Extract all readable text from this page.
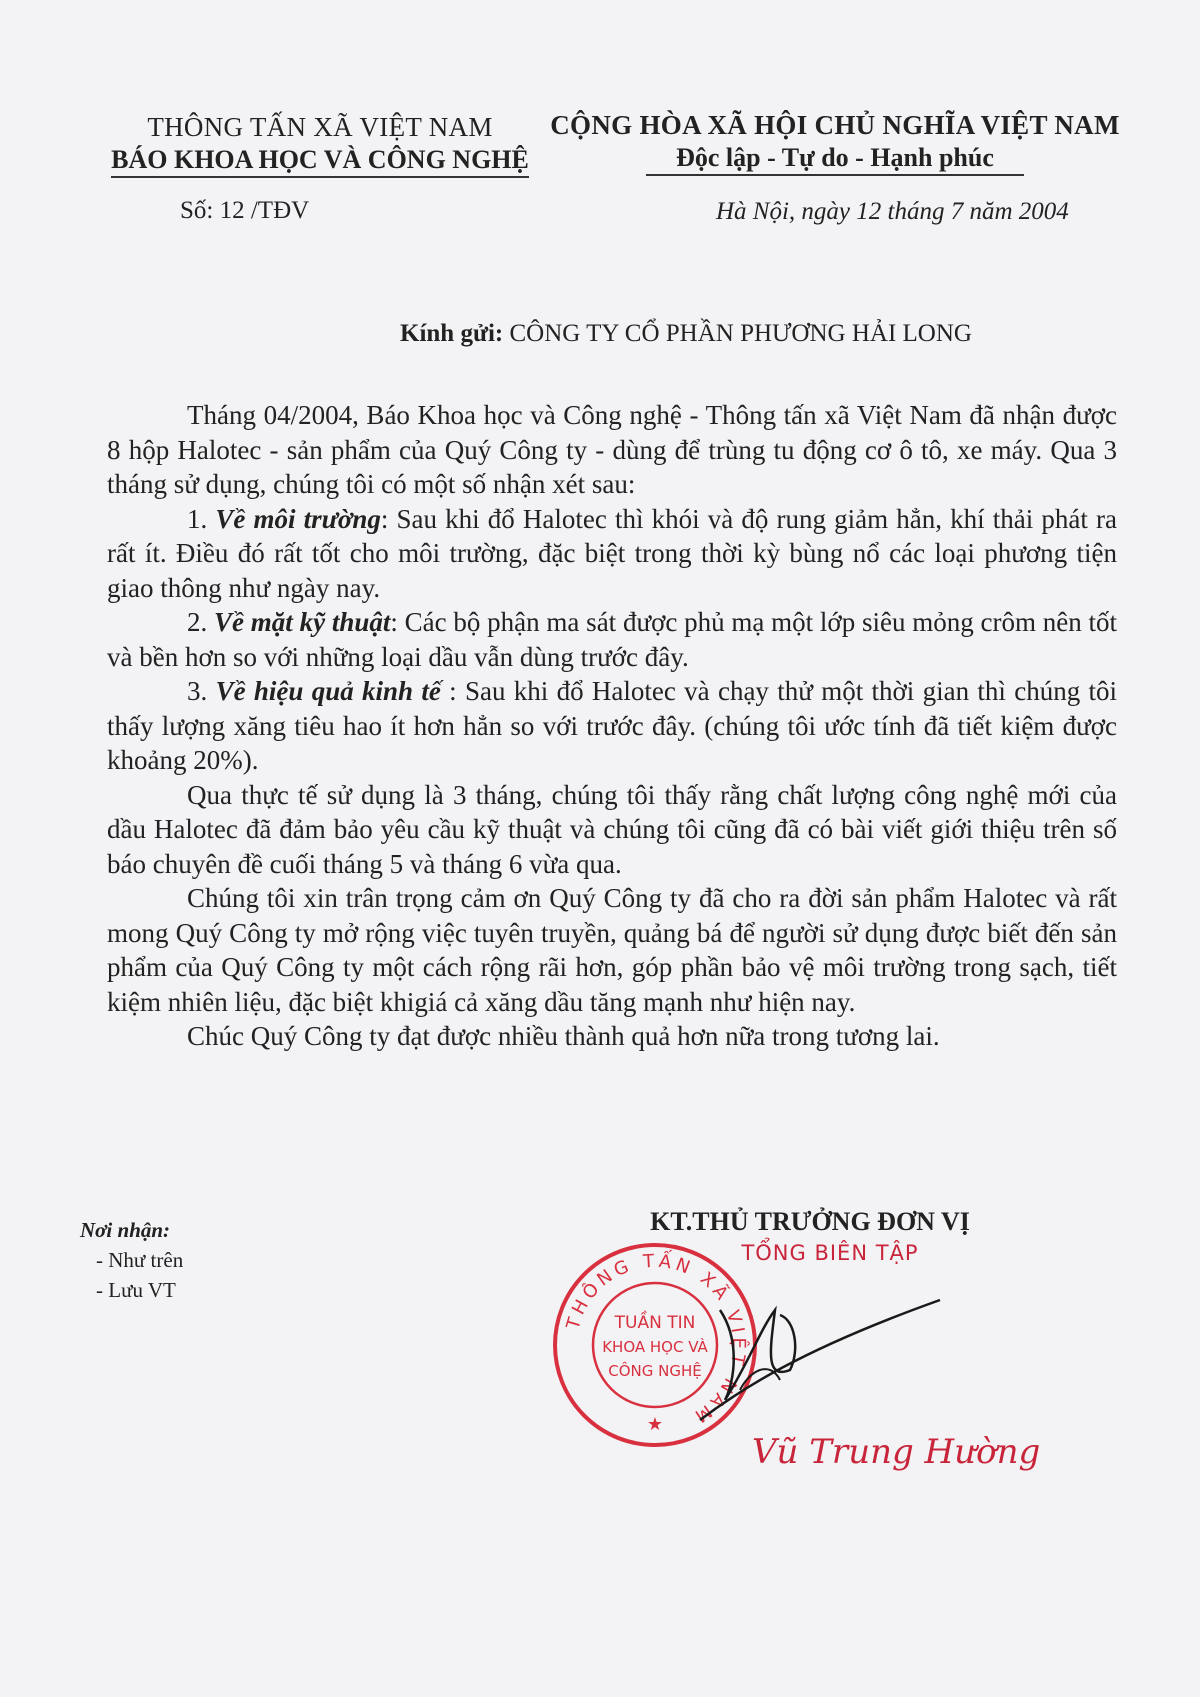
THÔNG TẤN XÃ VIỆT NAM
BÁO KHOA HỌC VÀ CÔNG NGHỆ
CỘNG HÒA XÃ HỘI CHỦ NGHĨA VIỆT NAM
Độc lập - Tự do - Hạnh phúc
Số: 12 /TĐV	Hà Nội, ngày 12 tháng 7 năm 2004
Kính gửi: CÔNG TY CỔ PHẦN PHƯƠNG HẢI LONG

Tháng 04/2004, Báo Khoa học và Công nghệ - Thông tấn xã Việt Nam đã nhận được 8 hộp Halotec - sản phẩm của Quý Công ty - dùng để trùng tu động cơ ô tô, xe máy. Qua 3 tháng sử dụng, chúng tôi có một số nhận xét sau:

1. Về môi trường: Sau khi đổ Halotec thì khói và độ rung giảm hẳn, khí thải phát ra rất ít. Điều đó rất tốt cho môi trường, đặc biệt trong thời kỳ bùng nổ các loại phương tiện giao thông như ngày nay.

2. Về mặt kỹ thuật: Các bộ phận ma sát được phủ mạ một lớp siêu mỏng crôm nên tốt và bền hơn so với những loại dầu vẫn dùng trước đây.

3. Về hiệu quả kinh tế : Sau khi đổ Halotec và chạy thử một thời gian thì chúng tôi thấy lượng xăng tiêu hao ít hơn hẳn so với trước đây. (chúng tôi ước tính đã tiết kiệm được khoảng 20%).

Qua thực tế sử dụng là 3 tháng, chúng tôi thấy rằng chất lượng công nghệ mới của dầu Halotec đã đảm bảo yêu cầu kỹ thuật và chúng tôi cũng đã có bài viết giới thiệu trên số báo chuyên đề cuối tháng 5 và tháng 6 vừa qua.

Chúng tôi xin trân trọng cảm ơn Quý Công ty đã cho ra đời sản phẩm Halotec và rất mong Quý Công ty mở rộng việc tuyên truyền, quảng bá để người sử dụng được biết đến sản phẩm của Quý Công ty một cách rộng rãi hơn, góp phần bảo vệ môi trường trong sạch, tiết kiệm nhiên liệu, đặc biệt khigiá cả xăng dầu tăng mạnh như hiện nay.

Chúc Quý Công ty đạt được nhiều thành quả hơn nữa trong tương lai.

Nơi nhận:
- Như trên
- Lưu VT
KT.THỦ TRƯỞNG ĐƠN VỊ
TỔNG BIÊN TẬP
THÔNG TẤN XÃ VIỆT NAM
TUẦN TIN
KHOA HỌC VÀ
CÔNG NGHỆ
★
Vũ Trung Hường
